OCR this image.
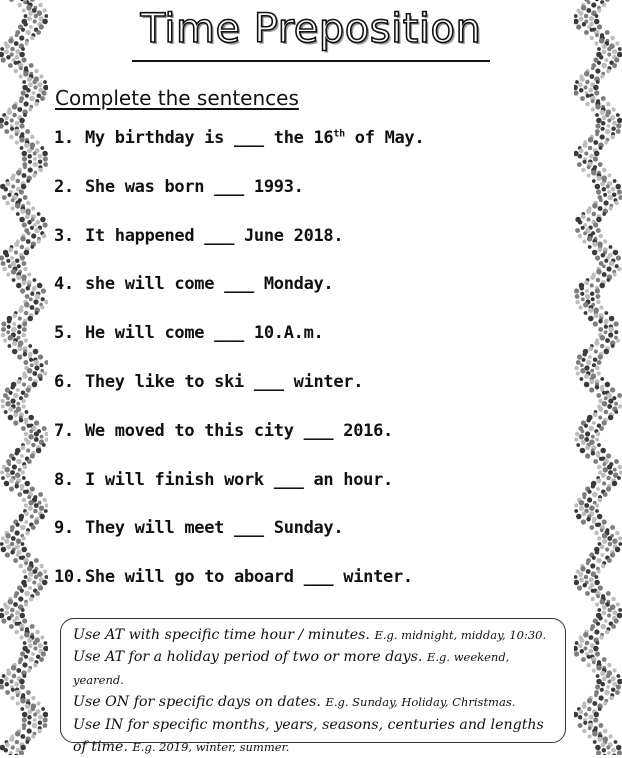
Time Preposition
Complete the sentences
1. My birthday is ___ the 16th of May.
2. She was born ___ 1993.
3. It happened ___ June 2018.
4. she will come ___ Monday.
5. He will come ___ 10.A.m.
6. They like to ski ___ winter.
7. We moved to this city ___ 2016.
8. I will finish work ___ an hour.
9. They will meet ___ Sunday.
10. She will go to aboard ___ winter.

Use AT with specific time hour / minutes. E.g. midnight, midday, 10:30.

Use AT for a holiday period of two or more days. E.g. weekend, yearend.

Use ON for specific days on dates. E.g. Sunday, Holiday, Christmas.

Use IN for specific months, years, seasons, centuries and lengths of time. E.g. 2019, winter, summer.
